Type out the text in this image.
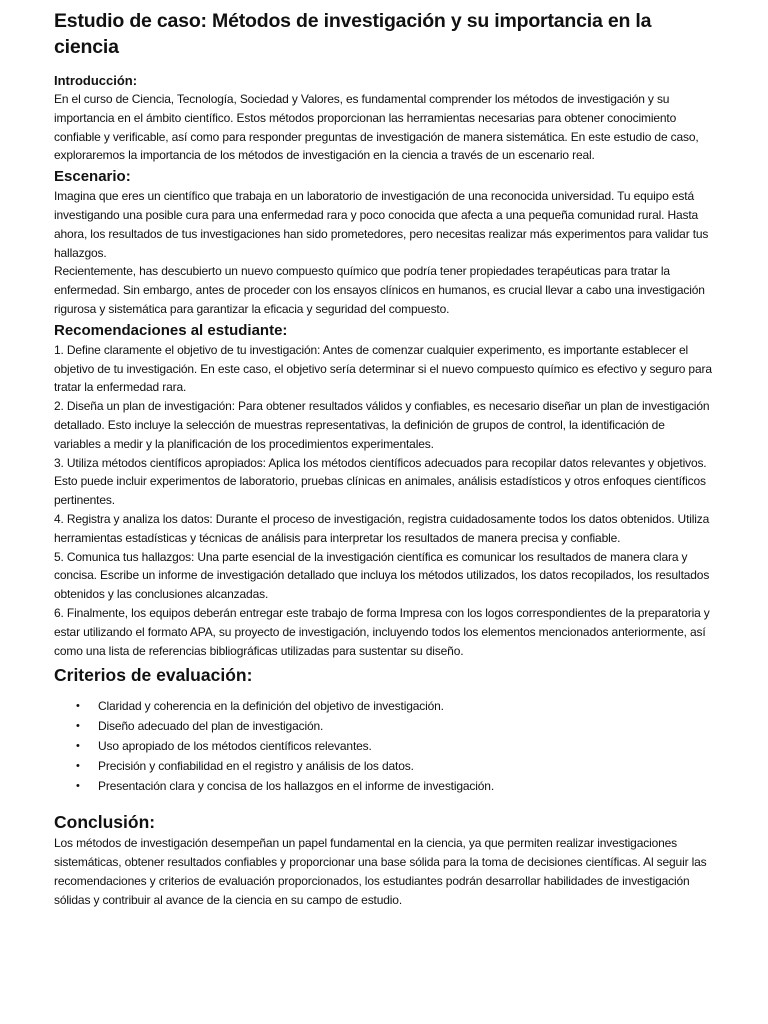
Estudio de caso: Métodos de investigación y su importancia en la ciencia
Introducción:

En el curso de Ciencia, Tecnología, Sociedad y Valores, es fundamental comprender los métodos de investigación y su importancia en el ámbito científico. Estos métodos proporcionan las herramientas necesarias para obtener conocimiento confiable y verificable, así como para responder preguntas de investigación de manera sistemática. En este estudio de caso, exploraremos la importancia de los métodos de investigación en la ciencia a través de un escenario real.

Escenario:

Imagina que eres un científico que trabaja en un laboratorio de investigación de una reconocida universidad. Tu equipo está investigando una posible cura para una enfermedad rara y poco conocida que afecta a una pequeña comunidad rural. Hasta ahora, los resultados de tus investigaciones han sido prometedores, pero necesitas realizar más experimentos para validar tus hallazgos.

Recientemente, has descubierto un nuevo compuesto químico que podría tener propiedades terapéuticas para tratar la enfermedad. Sin embargo, antes de proceder con los ensayos clínicos en humanos, es crucial llevar a cabo una investigación rigurosa y sistemática para garantizar la eficacia y seguridad del compuesto.

Recomendaciones al estudiante:
1. Define claramente el objetivo de tu investigación: Antes de comenzar cualquier experimento, es importante establecer el objetivo de tu investigación. En este caso, el objetivo sería determinar si el nuevo compuesto químico es efectivo y seguro para tratar la enfermedad rara.
2. Diseña un plan de investigación: Para obtener resultados válidos y confiables, es necesario diseñar un plan de investigación detallado. Esto incluye la selección de muestras representativas, la definición de grupos de control, la identificación de variables a medir y la planificación de los procedimientos experimentales.
3. Utiliza métodos científicos apropiados: Aplica los métodos científicos adecuados para recopilar datos relevantes y objetivos. Esto puede incluir experimentos de laboratorio, pruebas clínicas en animales, análisis estadísticos y otros enfoques científicos pertinentes.
4. Registra y analiza los datos: Durante el proceso de investigación, registra cuidadosamente todos los datos obtenidos. Utiliza herramientas estadísticas y técnicas de análisis para interpretar los resultados de manera precisa y confiable.
5. Comunica tus hallazgos: Una parte esencial de la investigación científica es comunicar los resultados de manera clara y concisa. Escribe un informe de investigación detallado que incluya los métodos utilizados, los datos recopilados, los resultados obtenidos y las conclusiones alcanzadas.
6. Finalmente, los equipos deberán entregar este trabajo de forma Impresa con los logos correspondientes de la preparatoria y estar utilizando el formato APA, su proyecto de investigación, incluyendo todos los elementos mencionados anteriormente, así como una lista de referencias bibliográficas utilizadas para sustentar su diseño.
Criterios de evaluación:
• Claridad y coherencia en la definición del objetivo de investigación.
• Diseño adecuado del plan de investigación.
• Uso apropiado de los métodos científicos relevantes.
• Precisión y confiabilidad en el registro y análisis de los datos.
• Presentación clara y concisa de los hallazgos en el informe de investigación.
Conclusión:

Los métodos de investigación desempeñan un papel fundamental en la ciencia, ya que permiten realizar investigaciones sistemáticas, obtener resultados confiables y proporcionar una base sólida para la toma de decisiones científicas. Al seguir las recomendaciones y criterios de evaluación proporcionados, los estudiantes podrán desarrollar habilidades de investigación sólidas y contribuir al avance de la ciencia en su campo de estudio.
